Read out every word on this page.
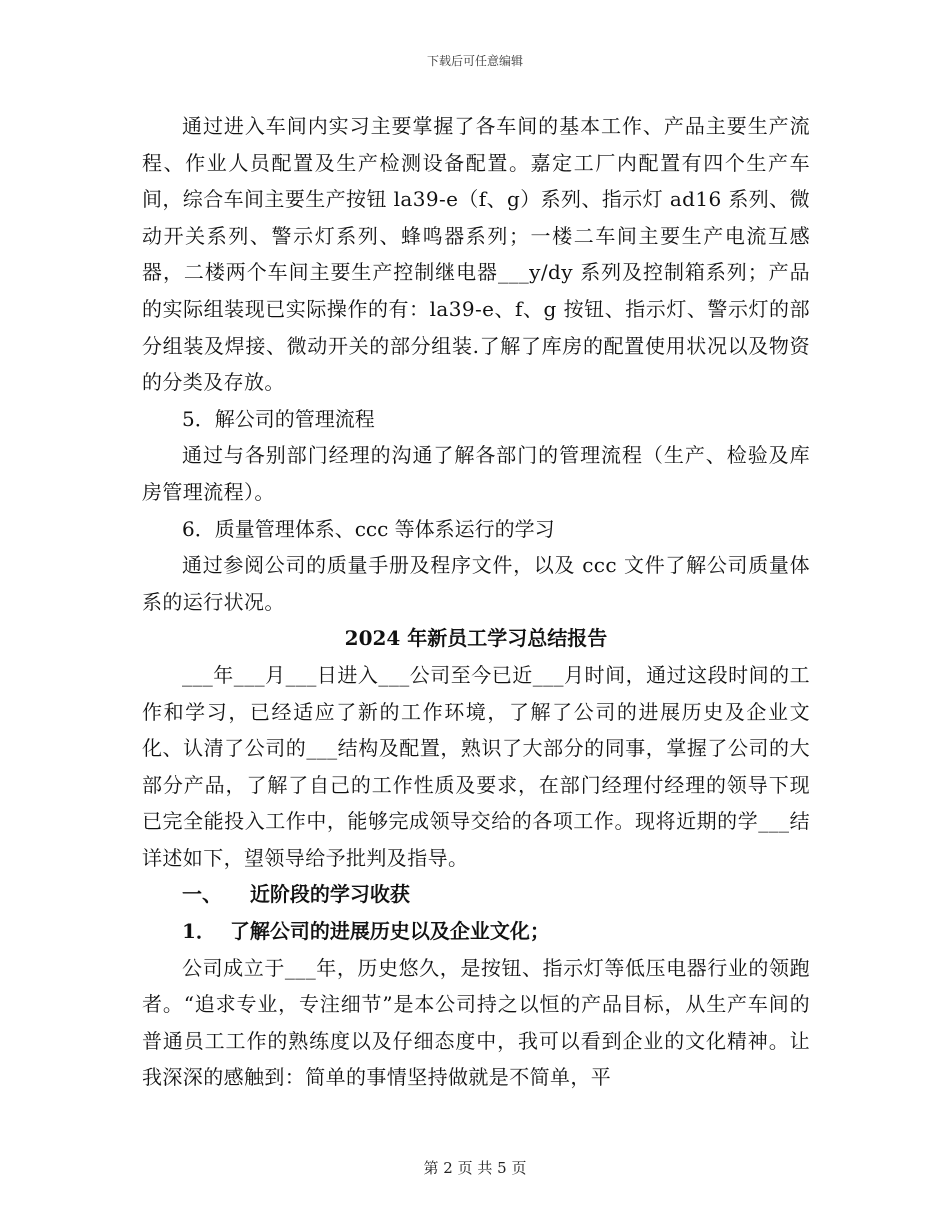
下载后可任意编辑

通过进入车间内实习主要掌握了各车间的基本工作、产品主要生产流程、作业人员配置及生产检测设备配置。嘉定工厂内配置有四个生产车间，综合车间主要生产按钮 la39-e（f、g）系列、指示灯 ad16 系列、微动开关系列、警示灯系列、蜂鸣器系列；一楼二车间主要生产电流互感器，二楼两个车间主要生产控制继电器___y/dy 系列及控制箱系列；产品的实际组装现已实际操作的有：la39-e、f、g 按钮、指示灯、警示灯的部分组装及焊接、微动开关的部分组装.了解了库房的配置使用状况以及物资的分类及存放。

5．解公司的管理流程

通过与各别部门经理的沟通了解各部门的管理流程（生产、检验及库房管理流程）。

6．质量管理体系、ccc 等体系运行的学习

通过参阅公司的质量手册及程序文件，以及 ccc 文件了解公司质量体系的运行状况。

2024 年新员工学习总结报告

___年___月___日进入___公司至今已近___月时间，通过这段时间的工作和学习，已经适应了新的工作环境，了解了公司的进展历史及企业文化、认清了公司的___结构及配置，熟识了大部分的同事，掌握了公司的大部分产品，了解了自己的工作性质及要求，在部门经理付经理的领导下现已完全能投入工作中，能够完成领导交给的各项工作。现将近期的学___结详述如下，望领导给予批判及指导。

一、    近阶段的学习收获

1．  了解公司的进展历史以及企业文化；

公司成立于___年，历史悠久，是按钮、指示灯等低压电器行业的领跑者。“追求专业，专注细节”是本公司持之以恒的产品目标，从生产车间的普通员工工作的熟练度以及仔细态度中，我可以看到企业的文化精神。让我深深的感触到：简单的事情坚持做就是不简单，平

第 2 页 共 5 页
